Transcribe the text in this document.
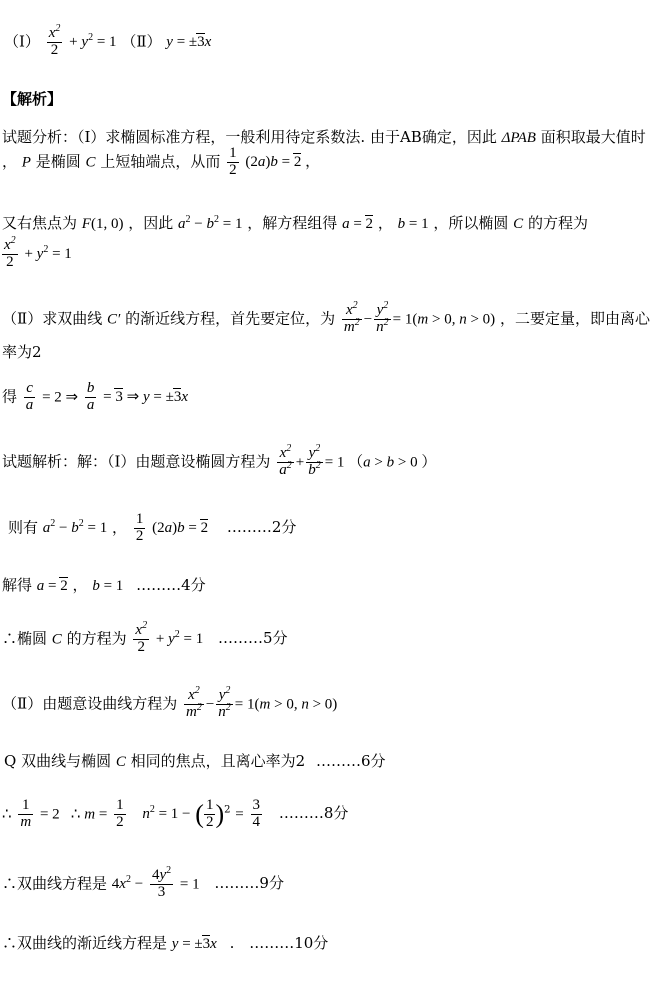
（Ⅰ） $\frac{x^2}{2} + y^2 = 1$ （Ⅱ） y = ±3x
【解析】
试题分析：（Ⅰ）求椭圆标准方程，一般利用待定系数法. 由于AB确定，因此 ΔPAB 面积取最大值时
， P 是椭圆 C 上短轴端点，从而 $\frac{1}{2} (2a)b = 2$ ，
又右焦点为 F(1, 0) ，因此 $a^2 - b^2 = 1$ ，解方程组得 a = 2 ， b = 1 ，所以椭圆 C 的方程为
$\frac{x^2}{2} + y^2 = 1$
（Ⅱ）求双曲线 C′ 的渐近线方程，首先要定位，为 $\frac{x^2}{m^2} - \frac{y^2}{n^2} = 1(m > 0$, n > 0) ，二要定量，即由离心
率为2
得 $\frac{c}{a} = 2$ ⇒ $\frac{b}{a} = 3$ ⇒ y = ±3x
试题解析：解：（Ⅰ）由题意设椭圆方程为 $\frac{x^2}{a^2} + \frac{y^2}{b^2} = 1$ （a > b > 0 ）
则有 $a^2 - b^2 = 1$ ， $\frac{1}{2} (2a)b = 2$ ………2分
解得 a = 2 ， b = 1 ………4分
∴椭圆 C 的方程为 $\frac{x^2}{2} + y^2 = 1$ ………5分
（Ⅱ）由题意设曲线方程为 $\frac{x^2}{m^2} - \frac{y^2}{n^2} = 1(m > 0$, n > 0)
Q 双曲线与椭圆 C 相同的焦点，且离心率为2 ………6分
∴ $\frac{1}{m} = 2$   ∴ $m = \frac{1}{2} n^2 = 1$ − ( $\frac{1}{2} )^2 = \frac{3}{4}$ ………8分
∴双曲线方程是 $4x^2 - \frac{4y^2}{3} = 1$ ………9分
∴双曲线的渐近线方程是 y = ±3x . ………10分
